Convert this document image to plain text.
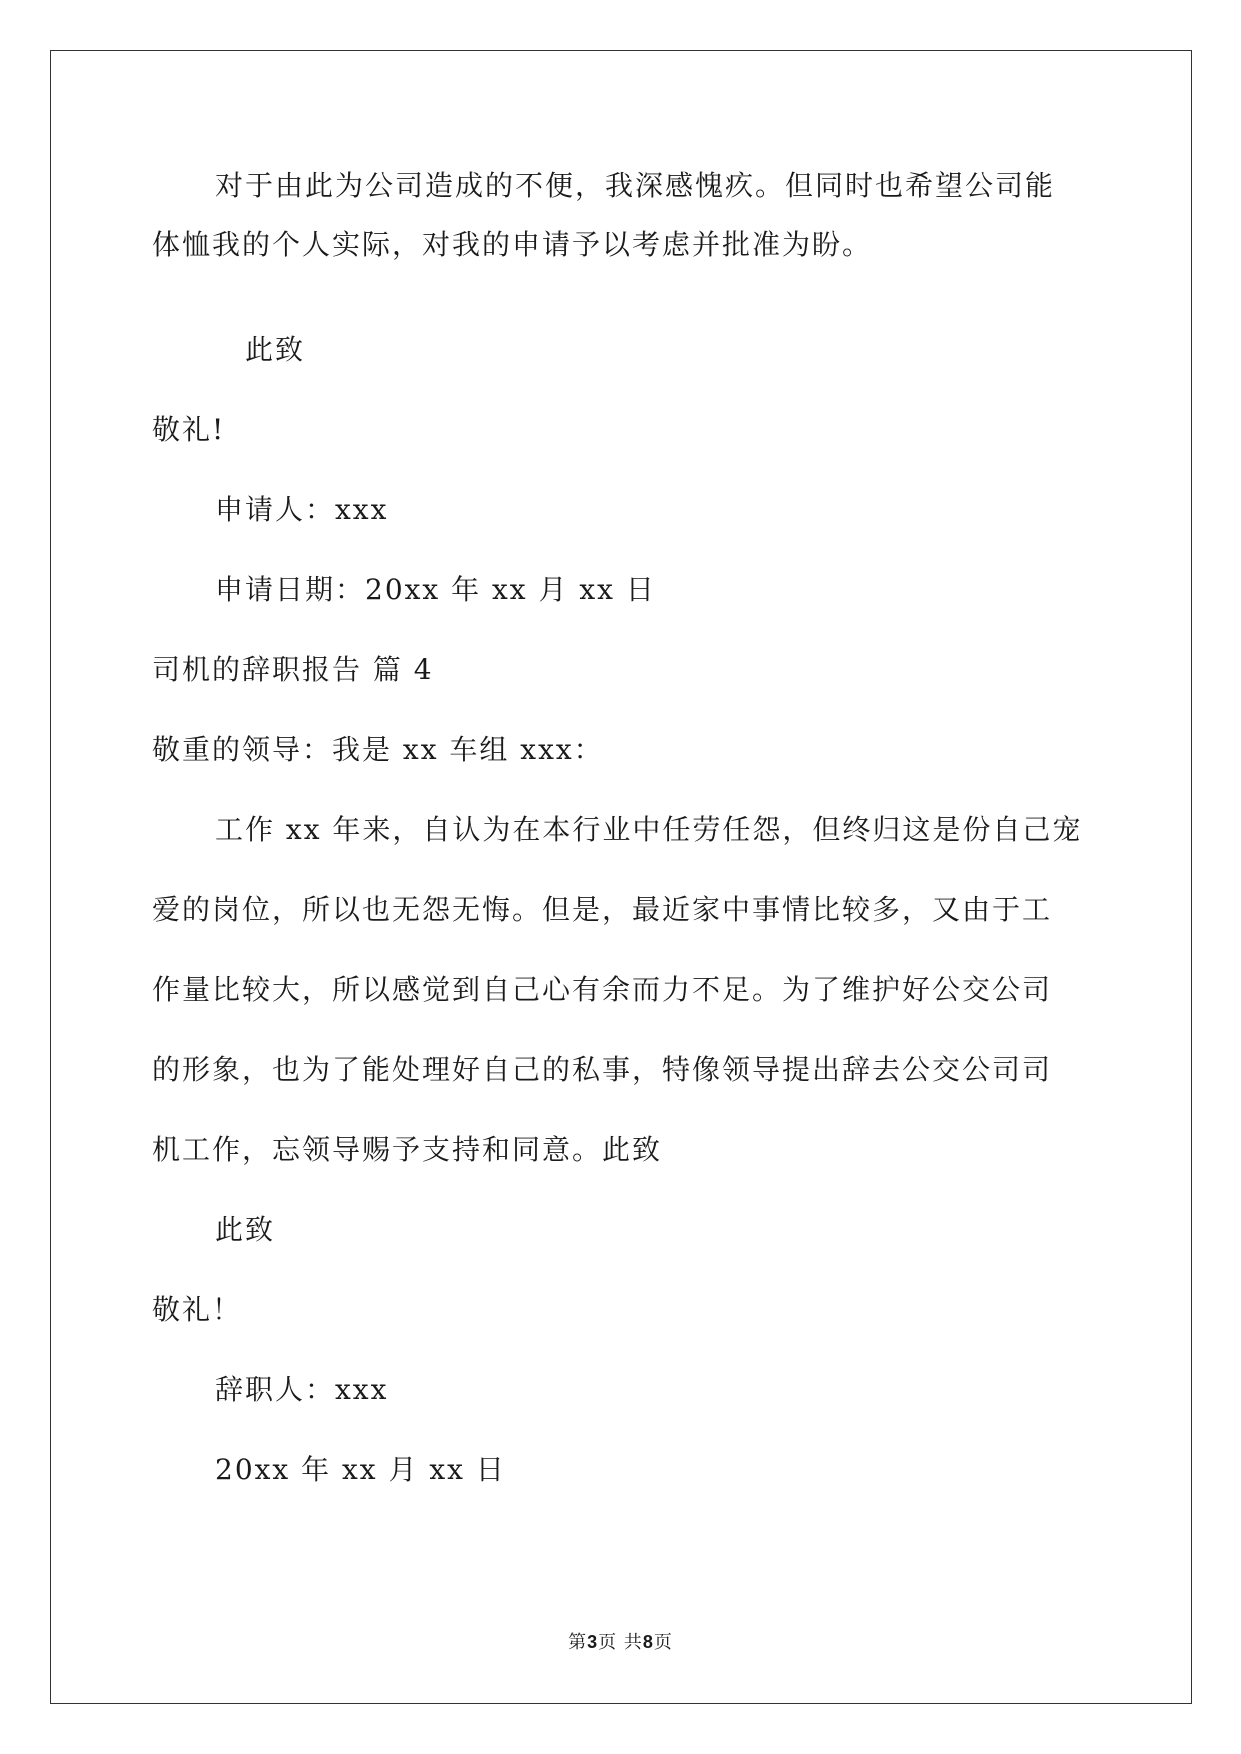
对于由此为公司造成的不便，我深感愧疚。但同时也希望公司能
体恤我的个人实际，对我的申请予以考虑并批准为盼。
此致
敬礼!
申请人：xxx
申请日期：20xx 年 xx 月 xx 日
司机的辞职报告 篇 4
敬重的领导：我是 xx 车组 xxx：
工作 xx 年来，自认为在本行业中任劳任怨，但终归这是份自己宠
爱的岗位，所以也无怨无悔。但是，最近家中事情比较多，又由于工
作量比较大，所以感觉到自己心有余而力不足。为了维护好公交公司
的形象，也为了能处理好自己的私事，特像领导提出辞去公交公司司
机工作，忘领导赐予支持和同意。此致
此致
敬礼！
辞职人：xxx
20xx 年 xx 月 xx 日
第3页 共8页
